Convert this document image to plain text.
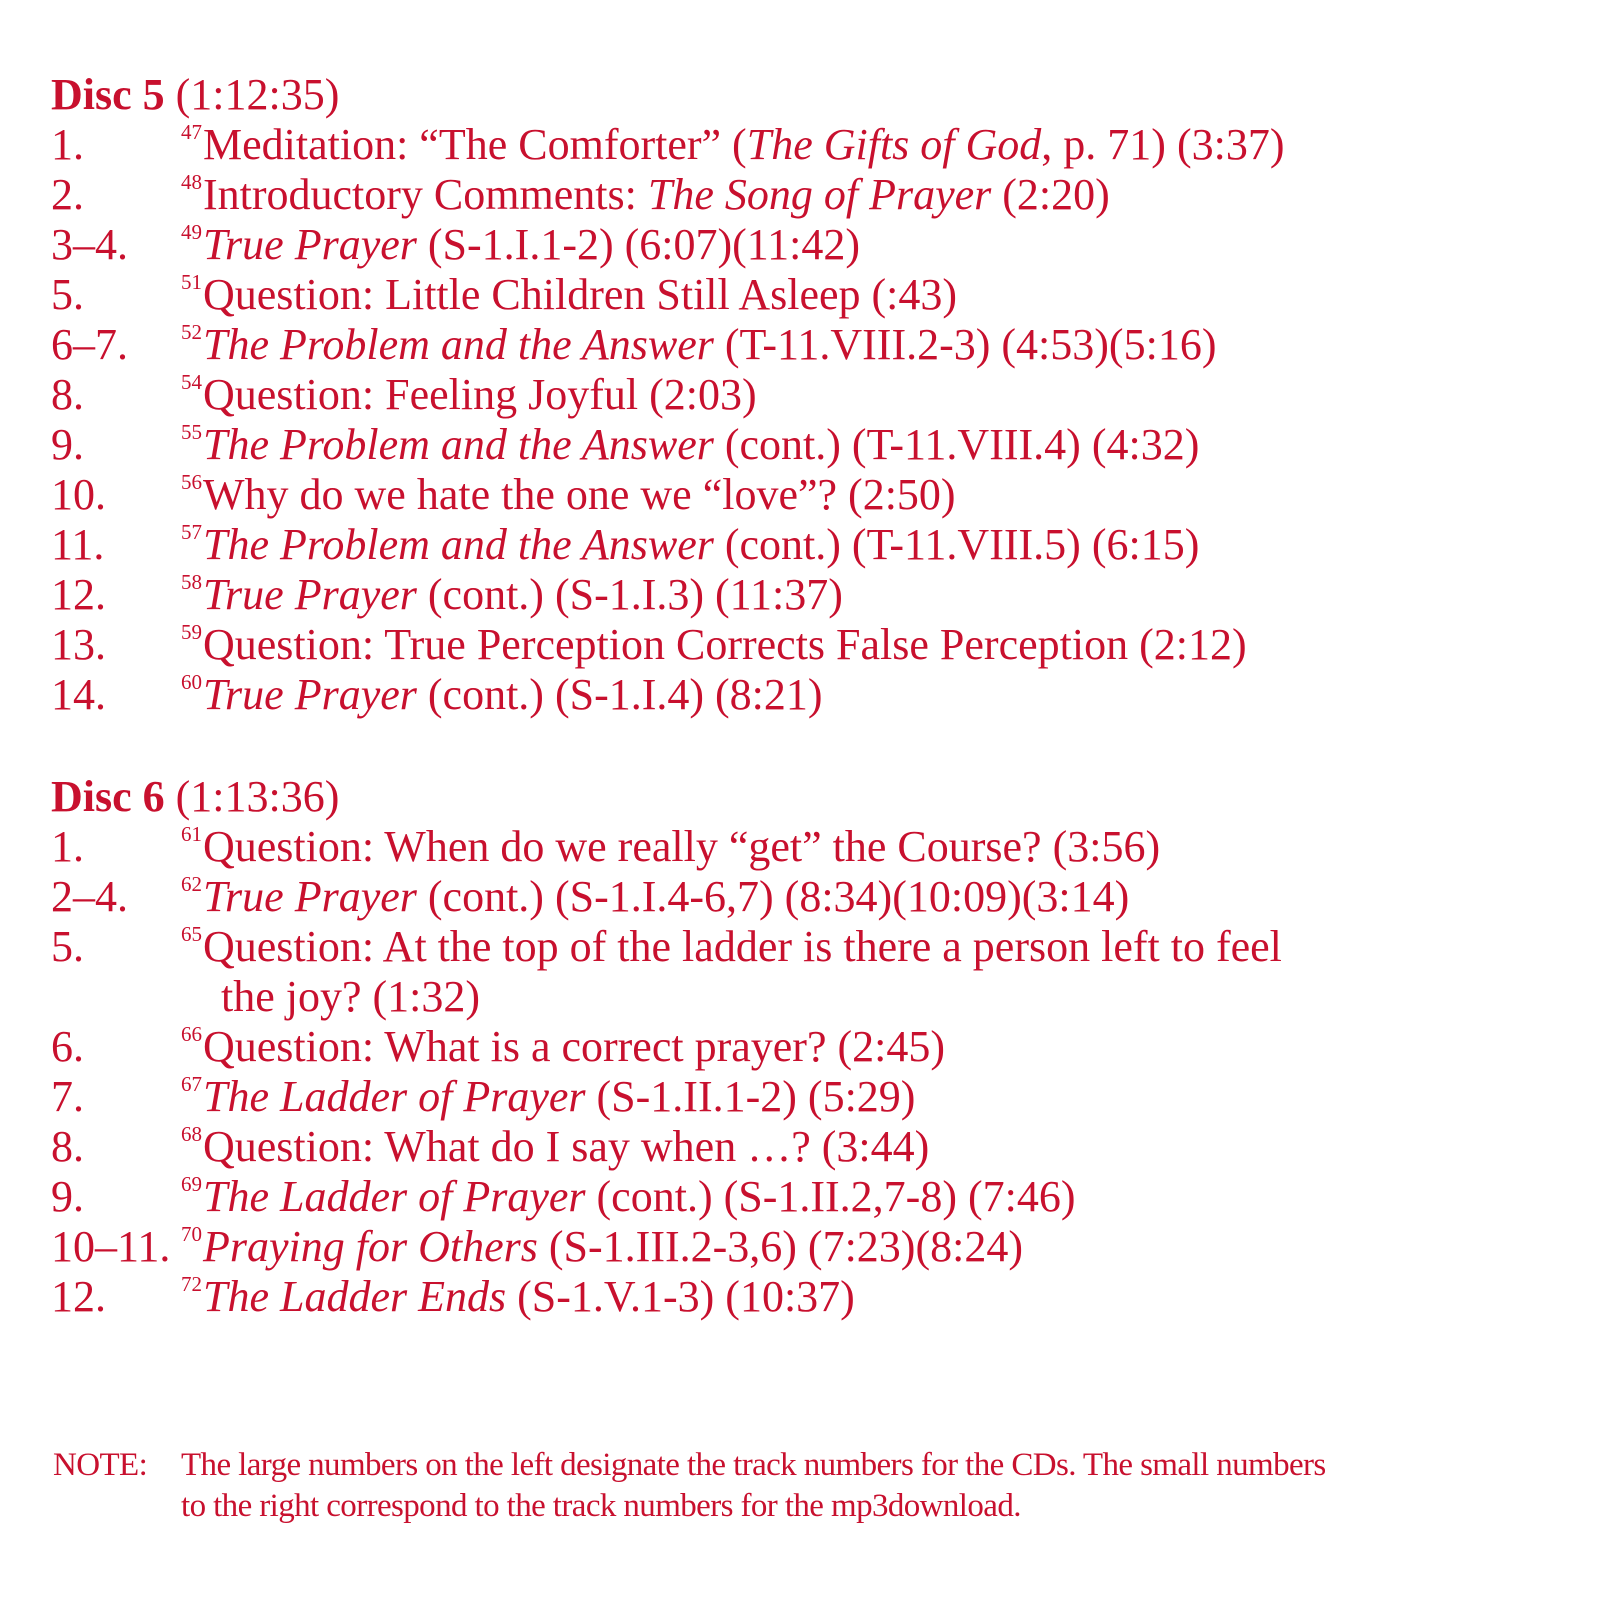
Disc 5 (1:12:35)
1.	$^{47}$Meditation: “The Comforter” (The Gifts of God, p. 71) (3:37)
2.	$^{48}$Introductory Comments: The Song of Prayer (2:20)
3–4.	$^{49}$True Prayer (S-1.I.1-2) (6:07)(11:42)
5.	$^{51}$Question: Little Children Still Asleep (:43)
6–7.	$^{52}$The Problem and the Answer (T-11.VIII.2-3) (4:53)(5:16)
8.	$^{54}$Question: Feeling Joyful (2:03)
9.	$^{55}$The Problem and the Answer (cont.) (T-11.VIII.4) (4:32)
10.	$^{56}$Why do we hate the one we “love”? (2:50)
11.	$^{57}$The Problem and the Answer (cont.) (T-11.VIII.5) (6:15)
12.	$^{58}$True Prayer (cont.) (S-1.I.3) (11:37)
13.	$^{59}$Question: True Perception Corrects False Perception (2:12)
14.	$^{60}$True Prayer (cont.) (S-1.I.4) (8:21)
Disc 6 (1:13:36)
1.	$^{61}$Question: When do we really “get” the Course? (3:56)
2–4.	$^{62}$True Prayer (cont.) (S-1.I.4-6,7) (8:34)(10:09)(3:14)
5.	$^{65}$Question: At the top of the ladder is there a person left to feel
the joy? (1:32)
6.	$^{66}$Question: What is a correct prayer? (2:45)
7.	$^{67}$The Ladder of Prayer (S-1.II.1-2) (5:29)
8.	$^{68}$Question: What do I say when …? (3:44)
9.	$^{69}$The Ladder of Prayer (cont.) (S-1.II.2,7-8) (7:46)
10–11. $^{70}$Praying for Others (S-1.III.2-3,6) (7:23)(8:24)
12.	$^{72}$The Ladder Ends (S-1.V.1-3) (10:37)
NOTE:	The large numbers on the left designate the track numbers for the CDs. The small numbers to the right correspond to the track numbers for the mp3download.
